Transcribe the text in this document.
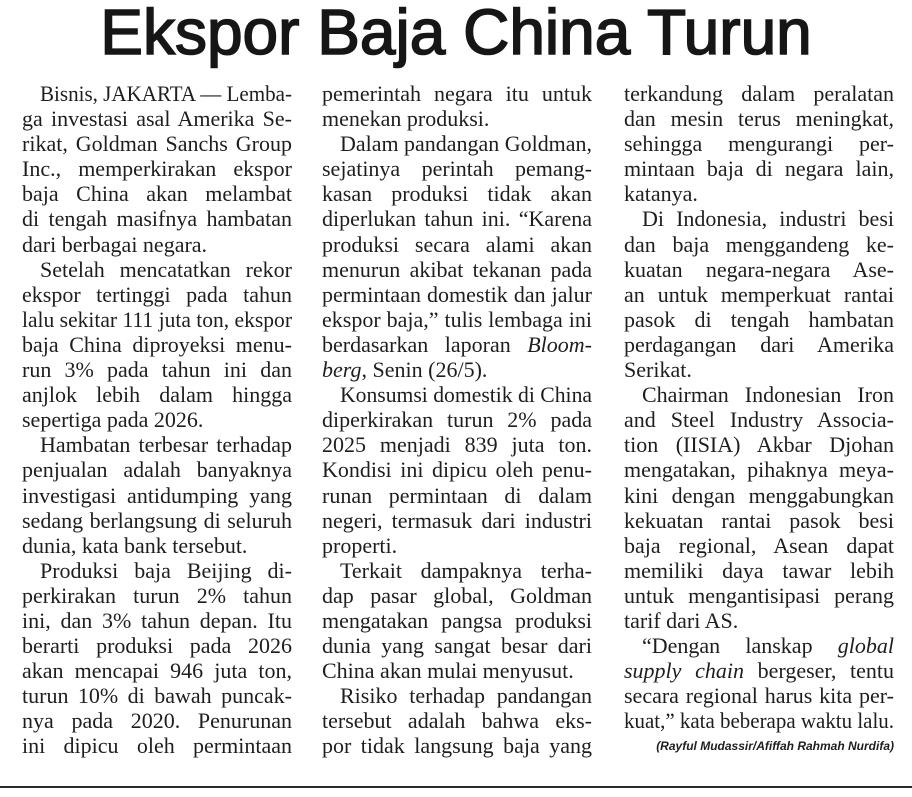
Ekspor Baja China Turun
Bisnis, JAKARTA — Lemba-
ga investasi asal Amerika Se-
rikat, Goldman Sanchs Group
Inc., memperkirakan ekspor
baja China akan melambat
di tengah masifnya hambatan
dari berbagai negara.
Setelah mencatatkan rekor
ekspor tertinggi pada tahun
lalu sekitar 111 juta ton, ekspor
baja China diproyeksi menu-
run 3% pada tahun ini dan
anjlok lebih dalam hingga
sepertiga pada 2026.
Hambatan terbesar terhadap
penjualan adalah banyaknya
investigasi antidumping yang
sedang berlangsung di seluruh
dunia, kata bank tersebut.
Produksi baja Beijing di-
perkirakan turun 2% tahun
ini, dan 3% tahun depan. Itu
berarti produksi pada 2026
akan mencapai 946 juta ton,
turun 10% di bawah puncak-
nya pada 2020. Penurunan
ini dipicu oleh permintaan
pemerintah negara itu untuk
menekan produksi.
Dalam pandangan Goldman,
sejatinya perintah pemang-
kasan produksi tidak akan
diperlukan tahun ini. “Karena
produksi secara alami akan
menurun akibat tekanan pada
permintaan domestik dan jalur
ekspor baja,” tulis lembaga ini
berdasarkan laporan Bloom-
berg, Senin (26/5).
Konsumsi domestik di China
diperkirakan turun 2% pada
2025 menjadi 839 juta ton.
Kondisi ini dipicu oleh penu-
runan permintaan di dalam
negeri, termasuk dari industri
properti.
Terkait dampaknya terha-
dap pasar global, Goldman
mengatakan pangsa produksi
dunia yang sangat besar dari
China akan mulai menyusut.
Risiko terhadap pandangan
tersebut adalah bahwa eks-
por tidak langsung baja yang
terkandung dalam peralatan
dan mesin terus meningkat,
sehingga mengurangi per-
mintaan baja di negara lain,
katanya.
Di Indonesia, industri besi
dan baja menggandeng ke-
kuatan negara-negara Ase-
an untuk memperkuat rantai
pasok di tengah hambatan
perdagangan dari Amerika
Serikat.
Chairman Indonesian Iron
and Steel Industry Associa-
tion (IISIA) Akbar Djohan
mengatakan, pihaknya meya-
kini dengan menggabungkan
kekuatan rantai pasok besi
baja regional, Asean dapat
memiliki daya tawar lebih
untuk mengantisipasi perang
tarif dari AS.
“Dengan lanskap global
supply chain bergeser, tentu
secara regional harus kita per-
kuat,” kata beberapa waktu lalu.
(Rayful Mudassir/Afiffah Rahmah Nurdifa)
